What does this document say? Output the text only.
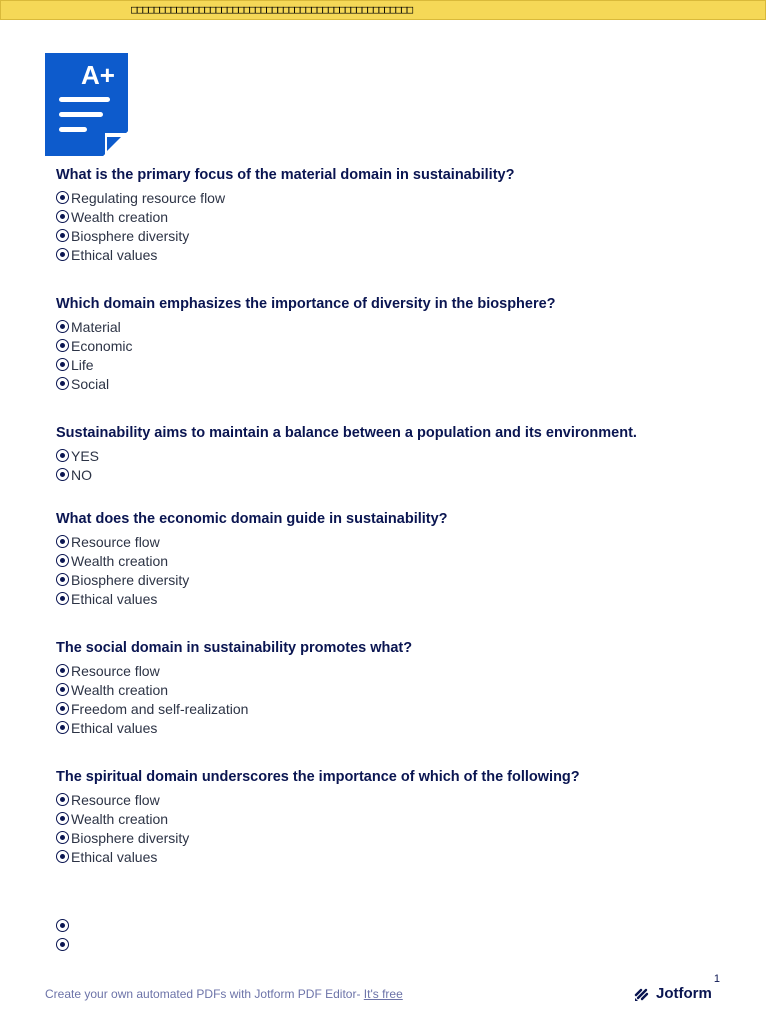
□□□□□□□□□□□□□□□□□□□□□□□□□□□□□□□□□□□□□□□□□□□□□□□□□□
A+
What is the primary focus of the material domain in sustainability?
Regulating resource flow
Wealth creation
Biosphere diversity
Ethical values
Which domain emphasizes the importance of diversity in the biosphere?
Material
Economic
Life
Social
Sustainability aims to maintain a balance between a population and its environment.
YES
NO
What does the economic domain guide in sustainability?
Resource flow
Wealth creation
Biosphere diversity
Ethical values
The social domain in sustainability promotes what?
Resource flow
Wealth creation
Freedom and self-realization
Ethical values
The spiritual domain underscores the importance of which of the following?
Resource flow
Wealth creation
Biosphere diversity
Ethical values
1
Create your own automated PDFs with Jotform PDF Editor- It's free	Jotform
